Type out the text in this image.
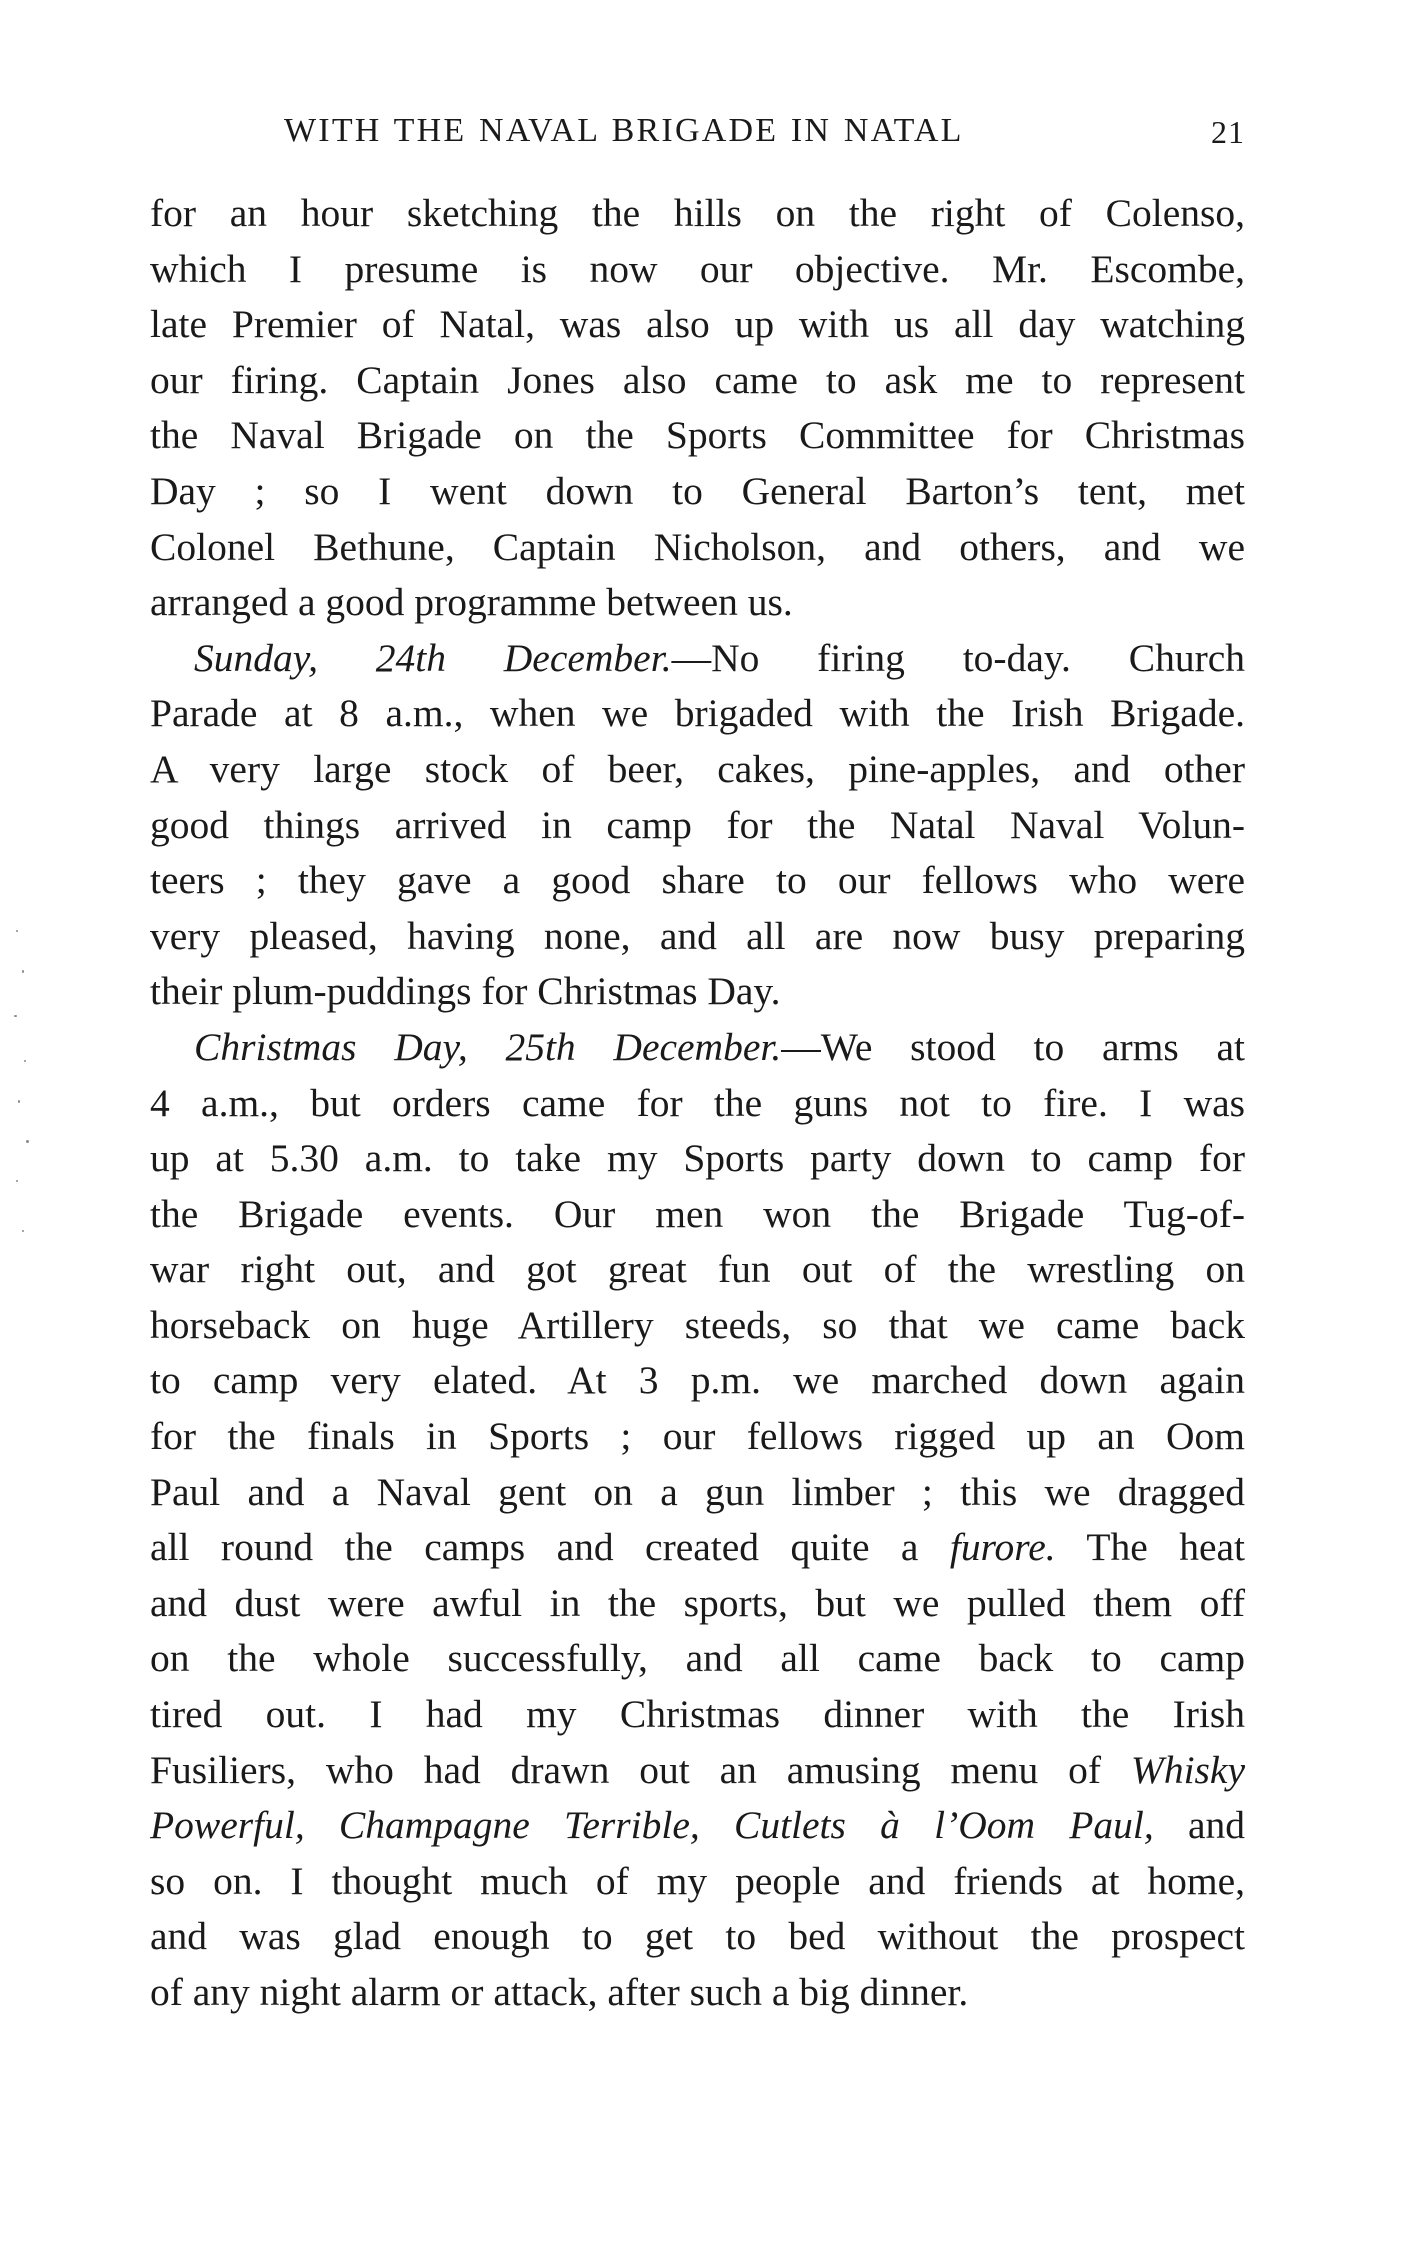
WITH THE NAVAL BRIGADE IN NATAL	21
for an hour sketching the hills on the right of Colenso,
which I presume is now our objective. Mr. Escombe,
late Premier of Natal, was also up with us all day watching
our firing. Captain Jones also came to ask me to represent
the Naval Brigade on the Sports Committee for Christmas
Day ; so I went down to General Barton’s tent, met
Colonel Bethune, Captain Nicholson, and others, and we
arranged a good programme between us.
Sunday, 24th December.—No firing to-day. Church
Parade at 8 a.m., when we brigaded with the Irish Brigade.
A very large stock of beer, cakes, pine-apples, and other
good things arrived in camp for the Natal Naval Volun-
teers ; they gave a good share to our fellows who were
very pleased, having none, and all are now busy preparing
their plum-puddings for Christmas Day.
Christmas Day, 25th December.—We stood to arms at
4 a.m., but orders came for the guns not to fire. I was
up at 5.30 a.m. to take my Sports party down to camp for
the Brigade events. Our men won the Brigade Tug-of-
war right out, and got great fun out of the wrestling on
horseback on huge Artillery steeds, so that we came back
to camp very elated. At 3 p.m. we marched down again
for the finals in Sports ; our fellows rigged up an Oom
Paul and a Naval gent on a gun limber ; this we dragged
all round the camps and created quite a furore. The heat
and dust were awful in the sports, but we pulled them off
on the whole successfully, and all came back to camp
tired out. I had my Christmas dinner with the Irish
Fusiliers, who had drawn out an amusing menu of Whisky
Powerful, Champagne Terrible, Cutlets à l’Oom Paul, and
so on. I thought much of my people and friends at home,
and was glad enough to get to bed without the prospect
of any night alarm or attack, after such a big dinner.
